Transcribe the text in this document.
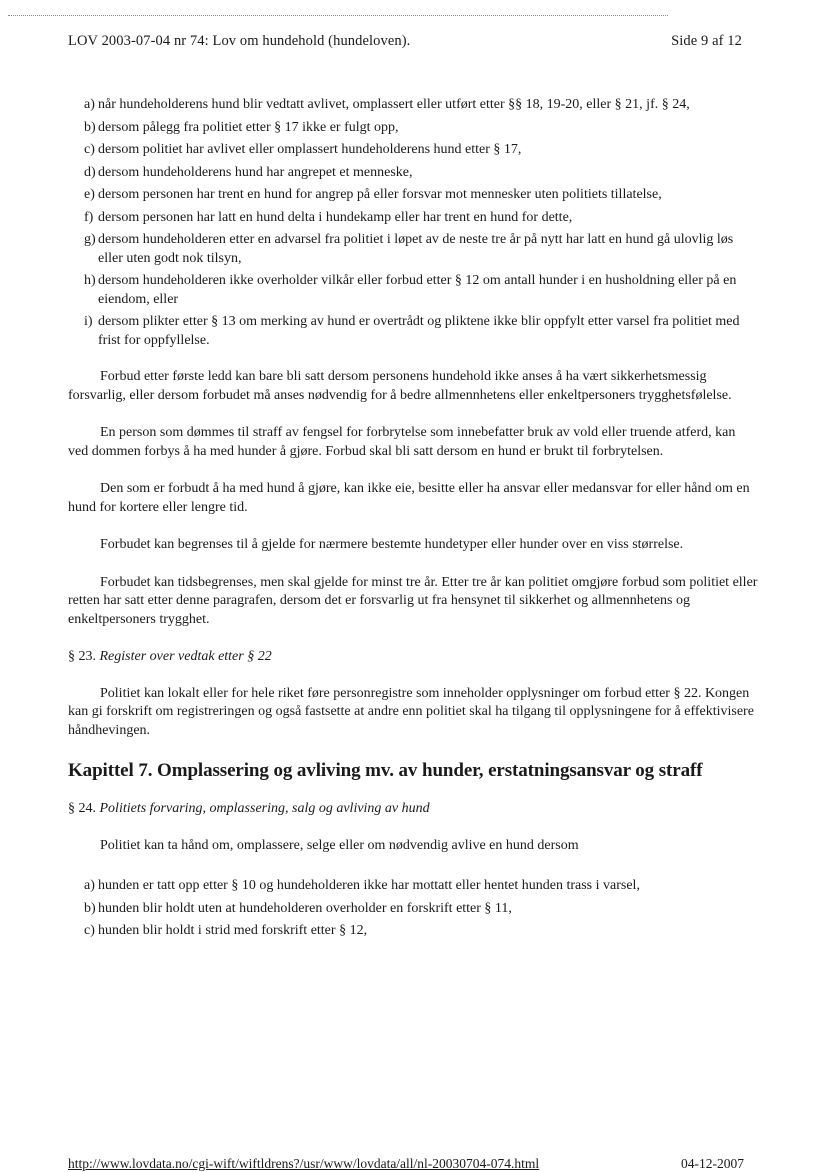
LOV 2003-07-04 nr 74: Lov om hundehold (hundeloven).	Side 9 af 12
a) når hundeholderens hund blir vedtatt avlivet, omplassert eller utført etter §§ 18, 19-20, eller § 21, jf. § 24,
b) dersom pålegg fra politiet etter § 17 ikke er fulgt opp,
c) dersom politiet har avlivet eller omplassert hundeholderens hund etter § 17,
d) dersom hundeholderens hund har angrepet et menneske,
e) dersom personen har trent en hund for angrep på eller forsvar mot mennesker uten politiets tillatelse,
f) dersom personen har latt en hund delta i hundekamp eller har trent en hund for dette,
g) dersom hundeholderen etter en advarsel fra politiet i løpet av de neste tre år på nytt har latt en hund gå ulovlig løs eller uten godt nok tilsyn,
h) dersom hundeholderen ikke overholder vilkår eller forbud etter § 12 om antall hunder i en husholdning eller på en eiendom, eller
i) dersom plikter etter § 13 om merking av hund er overtrådt og pliktene ikke blir oppfylt etter varsel fra politiet med frist for oppfyllelse.

Forbud etter første ledd kan bare bli satt dersom personens hundehold ikke anses å ha vært sikkerhetsmessig forsvarlig, eller dersom forbudet må anses nødvendig for å bedre allmennhetens eller enkeltpersoners trygghetsfølelse.

En person som dømmes til straff av fengsel for forbrytelse som innebefatter bruk av vold eller truende atferd, kan ved dommen forbys å ha med hunder å gjøre. Forbud skal bli satt dersom en hund er brukt til forbrytelsen.

Den som er forbudt å ha med hund å gjøre, kan ikke eie, besitte eller ha ansvar eller medansvar for eller hånd om en hund for kortere eller lengre tid.

Forbudet kan begrenses til å gjelde for nærmere bestemte hundetyper eller hunder over en viss størrelse.

Forbudet kan tidsbegrenses, men skal gjelde for minst tre år. Etter tre år kan politiet omgjøre forbud som politiet eller retten har satt etter denne paragrafen, dersom det er forsvarlig ut fra hensynet til sikkerhet og allmennhetens og enkeltpersoners trygghet.

§ 23. Register over vedtak etter § 22

Politiet kan lokalt eller for hele riket føre personregistre som inneholder opplysninger om forbud etter § 22. Kongen kan gi forskrift om registreringen og også fastsette at andre enn politiet skal ha tilgang til opplysningene for å effektivisere håndhevingen.

Kapittel 7. Omplassering og avliving mv. av hunder, erstatningsansvar og straff
§ 24. Politiets forvaring, omplassering, salg og avliving av hund

Politiet kan ta hånd om, omplassere, selge eller om nødvendig avlive en hund dersom

a) hunden er tatt opp etter § 10 og hundeholderen ikke har mottatt eller hentet hunden trass i varsel,
b) hunden blir holdt uten at hundeholderen overholder en forskrift etter § 11,
c) hunden blir holdt i strid med forskrift etter § 12,
http://www.lovdata.no/cgi-wift/wiftldrens?/usr/www/lovdata/all/nl-20030704-074.html	04-12-2007
